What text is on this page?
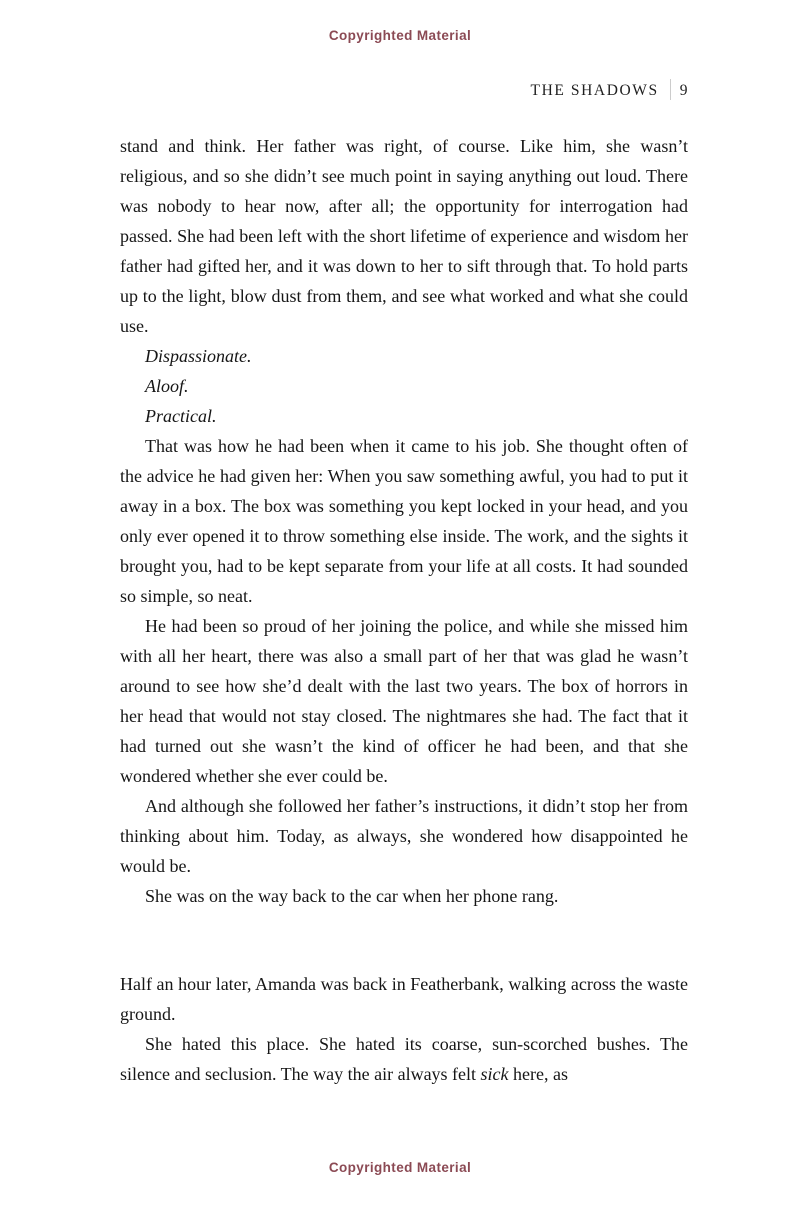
Copyrighted Material
THE SHADOWS 9

stand and think. Her father was right, of course. Like him, she wasn’t religious, and so she didn’t see much point in saying anything out loud. There was nobody to hear now, after all; the opportunity for interrogation had passed. She had been left with the short lifetime of experience and wisdom her father had gifted her, and it was down to her to sift through that. To hold parts up to the light, blow dust from them, and see what worked and what she could use.

Dispassionate.

Aloof.

Practical.

That was how he had been when it came to his job. She thought often of the advice he had given her: When you saw something awful, you had to put it away in a box. The box was something you kept locked in your head, and you only ever opened it to throw something else inside. The work, and the sights it brought you, had to be kept separate from your life at all costs. It had sounded so simple, so neat.

He had been so proud of her joining the police, and while she missed him with all her heart, there was also a small part of her that was glad he wasn’t around to see how she’d dealt with the last two years. The box of horrors in her head that would not stay closed. The nightmares she had. The fact that it had turned out she wasn’t the kind of officer he had been, and that she wondered whether she ever could be.

And although she followed her father’s instructions, it didn’t stop her from thinking about him. Today, as always, she wondered how disappointed he would be.

She was on the way back to the car when her phone rang.

Half an hour later, Amanda was back in Featherbank, walking across the waste ground.

She hated this place. She hated its coarse, sun-scorched bushes. The silence and seclusion. The way the air always felt sick here, as

Copyrighted Material
